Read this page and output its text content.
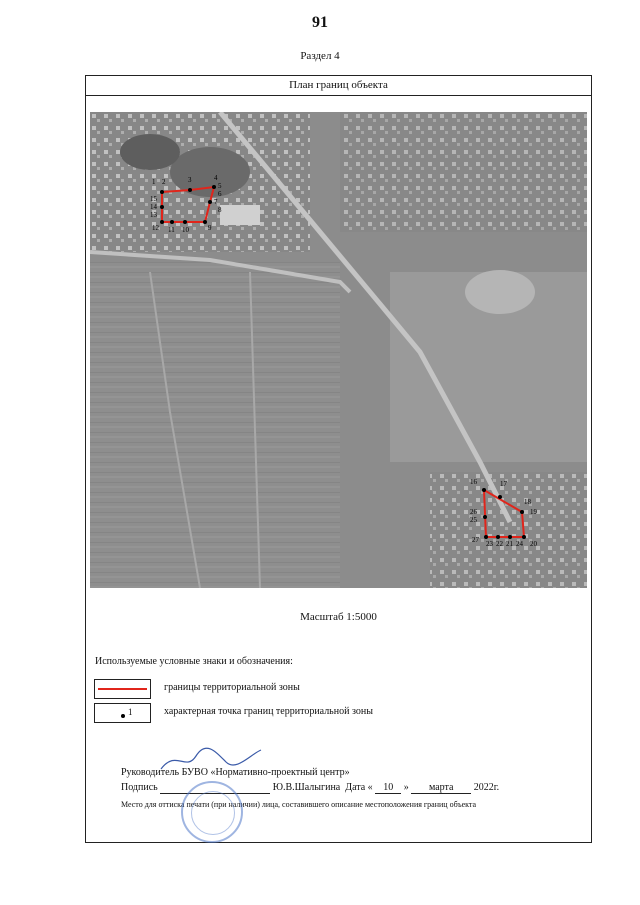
91
Раздел 4
План границ объекта
1 2	3	4
5
6
7
8
9
10
11
12
13
14
15
16	17
18
19
20
21
22
23	24
25
26
27
Масштаб 1:5000
Используемые условные знаки и обозначения:
границы территориальной зоны
1	характерная точка границ территориальной зоны
Руководитель БУВО «Нормативно-проектный центр»
Подпись	Ю.В.Шалыгина Дата « 10 » марта 2022г.
Место для оттиска печати (при наличии) лица, составившего описание местоположения границ объекта
